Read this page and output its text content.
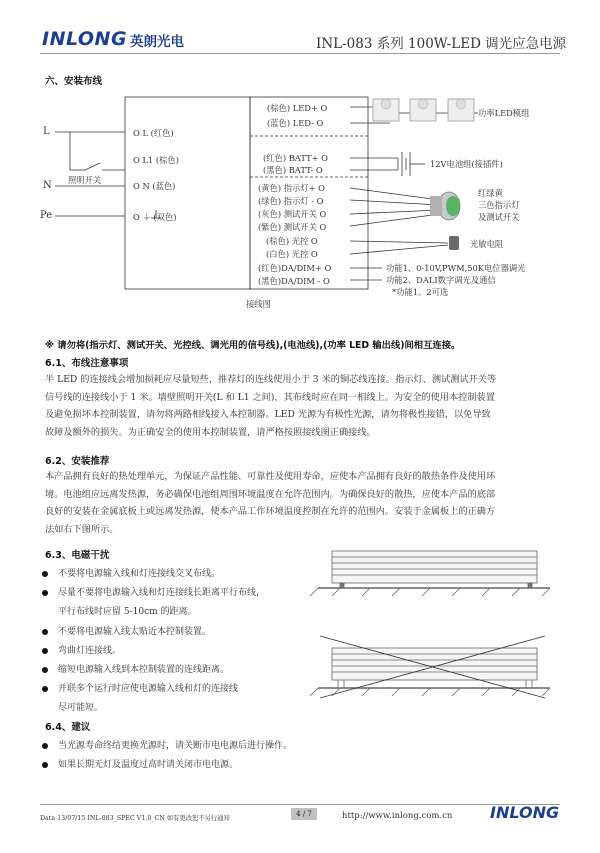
INLONG 英朗光电	INL-083 系列 100W-LED 调光应急电源
六、安装布线
L
N
Pe
照明开关
O L (红色)
O L1 (棕色)
O N (蓝色)
O ⏚ (双色)
(棕色) LED+ O
(蓝色) LED- O
(红色) BATT+ O
(黑色) BATT- O
(黄色) 指示灯+ O
(绿色) 指示灯 - O
(灰色) 测试开关 O
(紫色) 测试开关 O
(棕色) 光控 O
(白色) 光控 O
(红色)DA/DIM+ O
(黑色)DA/DIM - O
功率LED模组
12V电池组(接插件)
红绿黄
三色指示灯
及测试开关
光敏电阻
功能1、0-10V,PWM,50K电位器调光
功能2、DALI数字调光及通信
*功能1、2可选
接线图
※ 请勿将(指示灯、测试开关、光控线、调光用的信号线),(电池线),(功率 LED 输出线)间相互连接。
6.1、布线注意事项
半 LED 的连接线会增加损耗应尽量短些，推荐灯的连线使用小于 3 米的铜芯线连接。指示灯、测试测试开关等
信号线的连接线小于 1 米。墙壁照明开关(L 和 L1 之间)，其布线时应在同一相线上。为安全的使用本控制装置
及避免损坏本控制装置，请勿将两路相线接入本控制器。LED 光源为有极性光源，请勿将极性接错，以免导致
故障及额外的损失。为正确安全的使用本控制装置，请严格按照接线图正确接线。
6.2、安装推荐
本产品拥有良好的热处理单元，为保证产品性能、可靠性及使用寿命，应使本产品拥有良好的散热条件及使用环
境。电池组应远离发热源，务必确保电池组周围环境温度在允许范围内。为确保良好的散热，应使本产品的底部
良好的安装在金属底板上或远离发热源，使本产品工作环境温度控制在允许的范围内。安装于金属板上的正确方
法如右下图所示。
6.3、电磁干扰
不要将电源输入线和灯连接线交叉布线。
尽量不要将电源输入线和灯连接线长距离平行布线，
平行布线时应留 5-10cm 的距离。
不要将电源输入线太贴近本控制装置。
弯曲灯连接线。
缩短电源输入线到本控制装置的连线距离。
并联多个运行时应使电源输入线和灯的连接线
尽可能短。
6.4、建议
当光源寿命终结更换光源时，请关断市电电源后进行操作。
如果长期无灯及温度过高时请关闭市电电源。
Data 13/07/15 INL-083_SPEC V1.0_CN 如有更改恕不另行通知
4 / 7	http://www.inlong.com.cn INLONG
